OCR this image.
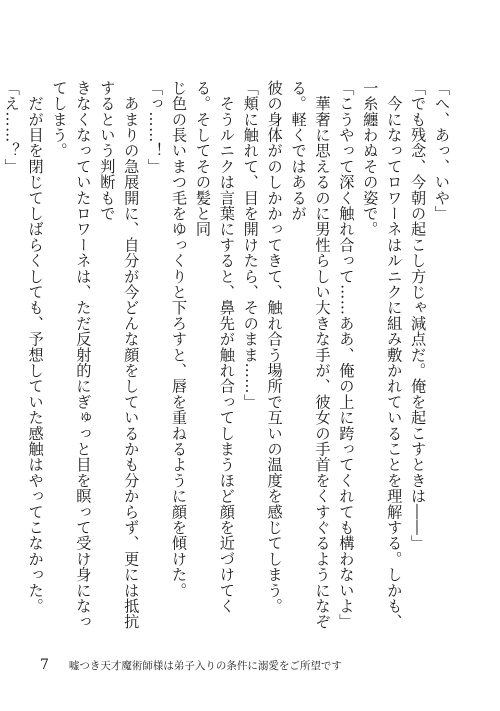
「へ、あっ、いや」

「でも残念、今朝の起こし方じゃ減点だ。俺を起こすときは――」

　今になってロワーネはルニクに組み敷かれていることを理解する。しかも、一糸纏わぬその姿で。

「こうやって深く触れ合って……ああ、俺の上に跨ってくれても構わないよ」

　華奢に思えるのに男性らしい大きな手が、彼女の手首をくすぐるようになぞる。軽くではあるが

彼の身体がのしかかってきて、触れ合う場所で互いの温度を感じてしまう。

「頬に触れて、目を開けたら、そのまま……」

　そうルニクは言葉にすると、鼻先が触れ合ってしまうほど顔を近づけてくる。そしてその髪と同

じ色の長いまつ毛をゆっくりと下ろすと、唇を重ねるように顔を傾けた。

「っ……！」

　あまりの急展開に、自分が今どんな顔をしているかも分からず、更には抵抗するという判断もで

きなくなっていたロワーネは、ただ反射的にぎゅっと目を瞑って受け身になってしまう。

　だが目を閉じてしばらくしても、予想していた感触はやってこなかった。

「え……？」

7 嘘つき天才魔術師様は弟子入りの条件に溺愛をご所望です
